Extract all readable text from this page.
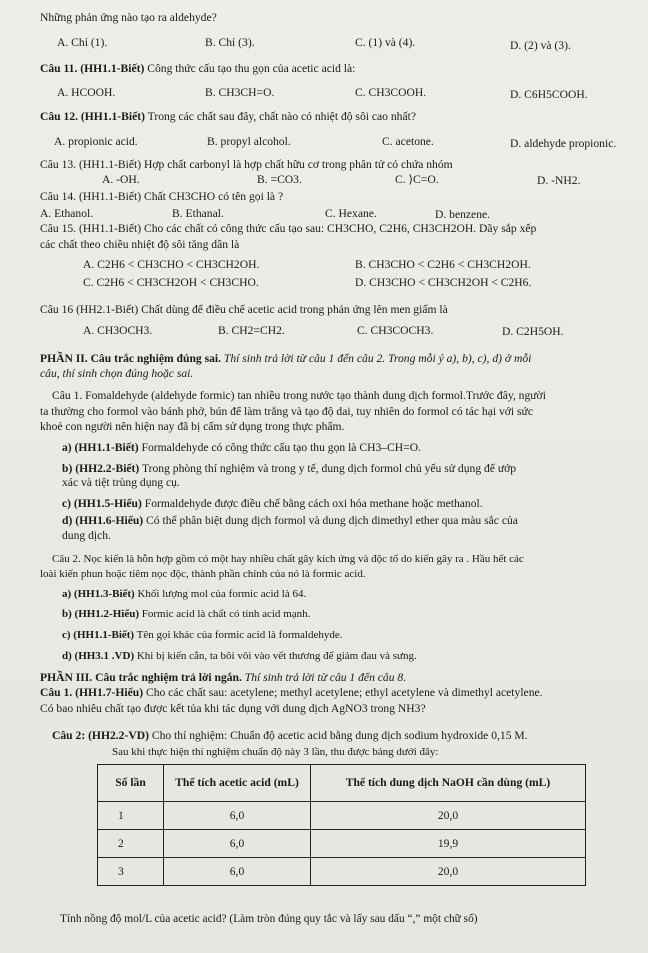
Những phản ứng nào tạo ra aldehyde?
A. Chỉ (1).	B. Chỉ (3).	C. (1) và (4).	D. (2) và (3).
Câu 11. (HH1.1-Biết) Công thức cấu tạo thu gọn của acetic acid là:
A. HCOOH.	B. CH3CH=O.	C. CH3COOH.	D. C6H5COOH.
Câu 12. (HH1.1-Biết) Trong các chất sau đây, chất nào có nhiệt độ sôi cao nhất?
A. propionic acid.	B. propyl alcohol.	C. acetone.	D. aldehyde propionic.
Câu 13. (HH1.1-Biết) Hợp chất carbonyl là hợp chất hữu cơ trong phân tử có chứa nhóm
A. -OH.	B. =CO3.	C. ⟩C=O.	D. -NH2.
Câu 14. (HH1.1-Biết) Chất CH3CHO có tên gọi là ?
A. Ethanol.	B. Ethanal.	C. Hexane.	D. benzene.
Câu 15. (HH1.1-Biết) Cho các chất có công thức cấu tạo sau: CH3CHO, C2H6, CH3CH2OH. Dãy sắp xếp
các chất theo chiều nhiệt độ sôi tăng dần là
A. C2H6 < CH3CHO < CH3CH2OH.	B. CH3CHO < C2H6 < CH3CH2OH.
C. C2H6 < CH3CH2OH < CH3CHO.	D. CH3CHO < CH3CH2OH < C2H6.
Câu 16 (HH2.1-Biết) Chất dùng để điều chế acetic acid trong phản ứng lên men giấm là
A. CH3OCH3.	B. CH2=CH2.	C. CH3COCH3.	D. C2H5OH.
PHẦN II. Câu trắc nghiệm đúng sai. Thí sinh trả lời từ câu 1 đến câu 2. Trong mỗi ý a), b), c), d) ở mỗi
câu, thí sinh chọn đúng hoặc sai.
Câu 1. Fomaldehyde (aldehyde formic) tan nhiều trong nước tạo thành dung dịch formol.Trước đây, người
ta thường cho formol vào bánh phở, bún để làm trắng và tạo độ dai, tuy nhiên do formol có tác hại với sức
khoẻ con người nên hiện nay đã bị cấm sử dụng trong thực phẩm.
a) (HH1.1-Biết) Formaldehyde có công thức cấu tạo thu gọn là CH3–CH=O.
b) (HH2.2-Biết) Trong phòng thí nghiệm và trong y tế, dung dịch formol chủ yếu sử dụng để ướp
xác và tiệt trùng dụng cụ.
c) (HH1.5-Hiểu) Formaldehyde được điều chế bằng cách oxi hóa methane hoặc methanol.
d) (HH1.6-Hiểu) Có thể phân biệt dung dịch formol và dung dịch dimethyl ether qua màu sắc của
dung dịch.
Câu 2. Nọc kiến là hỗn hợp gồm có một hay nhiều chất gây kích ứng và độc tố do kiến gây ra . Hầu hết các
loài kiến phun hoặc tiêm nọc độc, thành phần chính của nó là formic acid.
a) (HH1.3-Biết) Khối lượng mol của formic acid là 64.
b) (HH1.2-Hiểu) Formic acid là chất có tính acid mạnh.
c) (HH1.1-Biết) Tên gọi khác của formic acid là formaldehyde.
d) (HH3.1 .VD) Khi bị kiến cắn, ta bôi vôi vào vết thương để giảm đau và sưng.
PHẦN III. Câu trắc nghiệm trả lời ngắn. Thí sinh trả lời từ câu 1 đến câu 8.
Câu 1. (HH1.7-Hiểu) Cho các chất sau: acetylene; methyl acetylene; ethyl acetylene và dimethyl acetylene.
Có bao nhiêu chất tạo được kết tủa khi tác dụng với dung dịch AgNO3 trong NH3?
Câu 2: (HH2.2-VD) Cho thí nghiệm: Chuẩn độ acetic acid bằng dung dịch sodium hydroxide 0,15 M.
Sau khi thực hiện thí nghiệm chuẩn độ này 3 lần, thu được bảng dưới đây:
Số lần	Thể tích acetic acid (mL)	Thể tích dung dịch NaOH cần dùng (mL)
1	6,0	20,0
2	6,0	19,9
3	6,0	20,0
Tính nồng độ mol/L của acetic acid? (Làm tròn đúng quy tắc và lấy sau dấu “,” một chữ số)
